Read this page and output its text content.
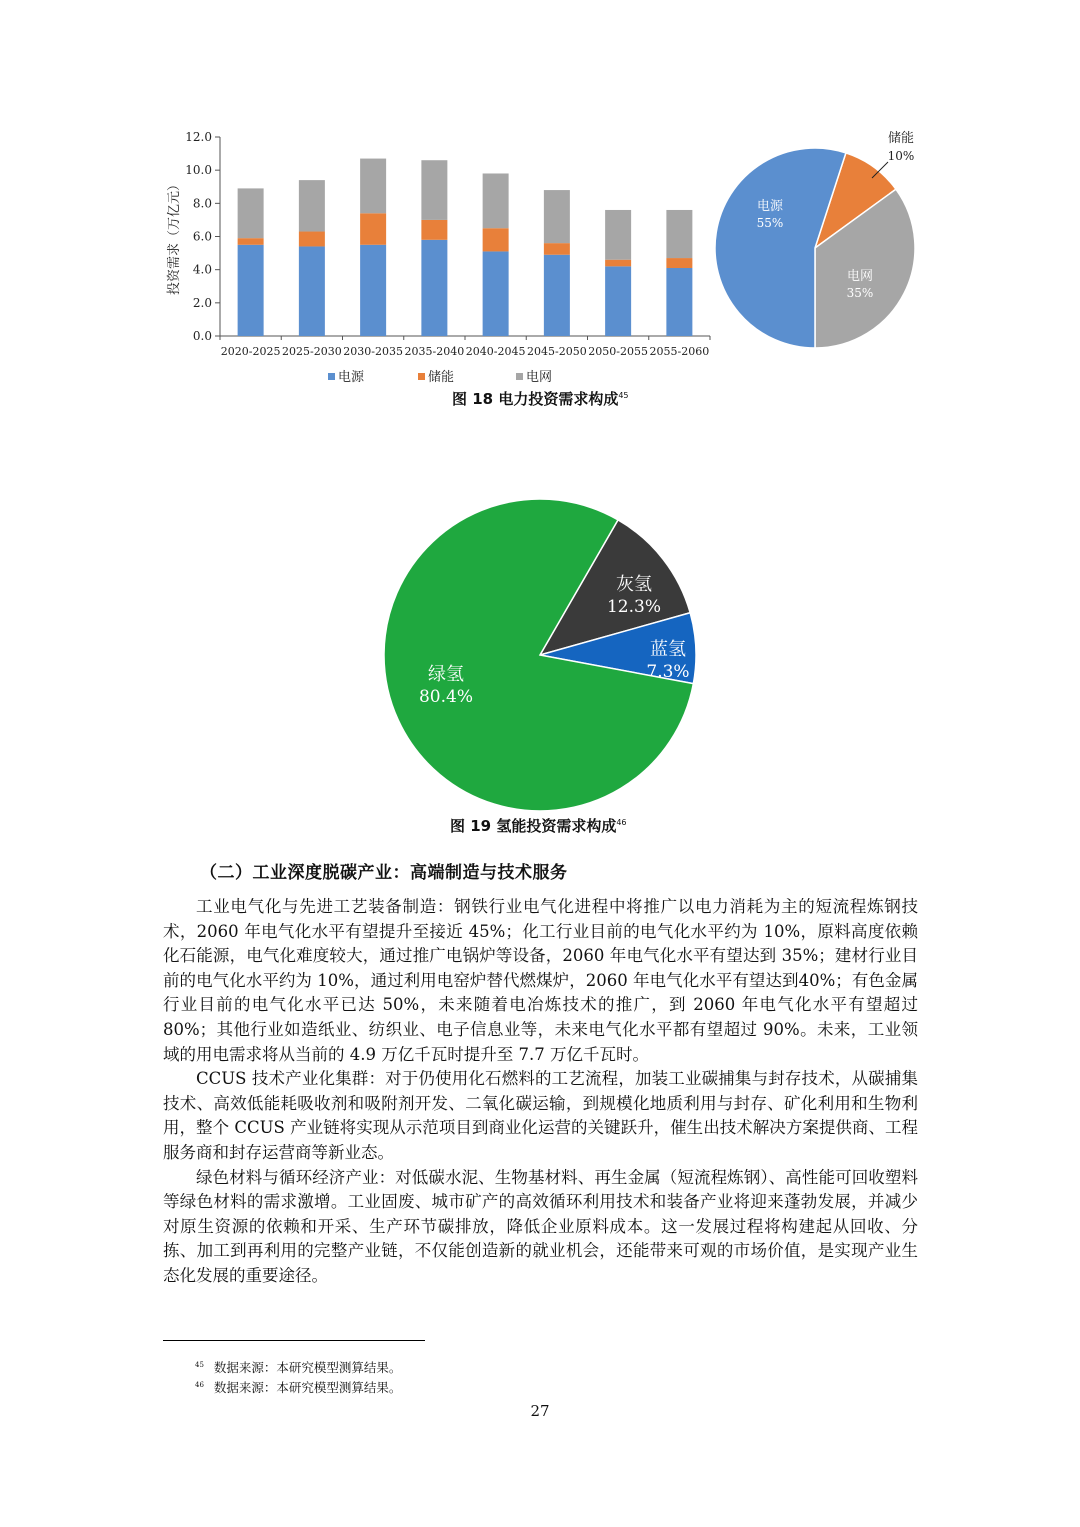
0.0
2.0
4.0
6.0
8.0
10.0
12.0
投资需求（万亿元）
2020-2025 2025-2030 2030-2035 2035-2040 2040-2045 2045-2050 2050-2055 2055-2060
电源	储能	电网
储能
10%
电网
35%
电源
55%
图 18 电力投资需求构成$^{45}$
灰氢
12.3%
蓝氢
7.3%
绿氢
80.4%
图 19 氢能投资需求构成$^{46}$
（二）工业深度脱碳产业：高端制造与技术服务

工业电气化与先进工艺装备制造：钢铁行业电气化进程中将推广以电力消耗为主的短流程炼钢技术，2060 年电气化水平有望提升至接近 45%；化工行业目前的电气化水平约为 10%，原料高度依赖化石能源，电气化难度较大，通过推广电锅炉等设备，2060 年电气化水平有望达到 35%；建材行业目前的电气化水平约为 10%，通过利用电窑炉替代燃煤炉，2060 年电气化水平有望达到40%；有色金属行业目前的电气化水平已达 50%，未来随着电冶炼技术的推广，到 2060 年电气化水平有望超过 80%；其他行业如造纸业、纺织业、电子信息业等，未来电气化水平都有望超过 90%。未来，工业领域的用电需求将从当前的 4.9 万亿千瓦时提升至 7.7 万亿千瓦时。

CCUS 技术产业化集群：对于仍使用化石燃料的工艺流程，加装工业碳捕集与封存技术，从碳捕集技术、高效低能耗吸收剂和吸附剂开发、二氧化碳运输，到规模化地质利用与封存、矿化利用和生物利用，整个 CCUS 产业链将实现从示范项目到商业化运营的关键跃升，催生出技术解决方案提供商、工程服务商和封存运营商等新业态。

绿色材料与循环经济产业：对低碳水泥、生物基材料、再生金属（短流程炼钢）、高性能可回收塑料等绿色材料的需求激增。工业固废、城市矿产的高效循环利用技术和装备产业将迎来蓬勃发展，并减少对原生资源的依赖和开采、生产环节碳排放，降低企业原料成本。这一发展过程将构建起从回收、分拣、加工到再利用的完整产业链，不仅能创造新的就业机会，还能带来可观的市场价值，是实现产业生态化发展的重要途径。

$^{45}$ 数据来源：本研究模型测算结果。
$^{46}$ 数据来源：本研究模型测算结果。
27
